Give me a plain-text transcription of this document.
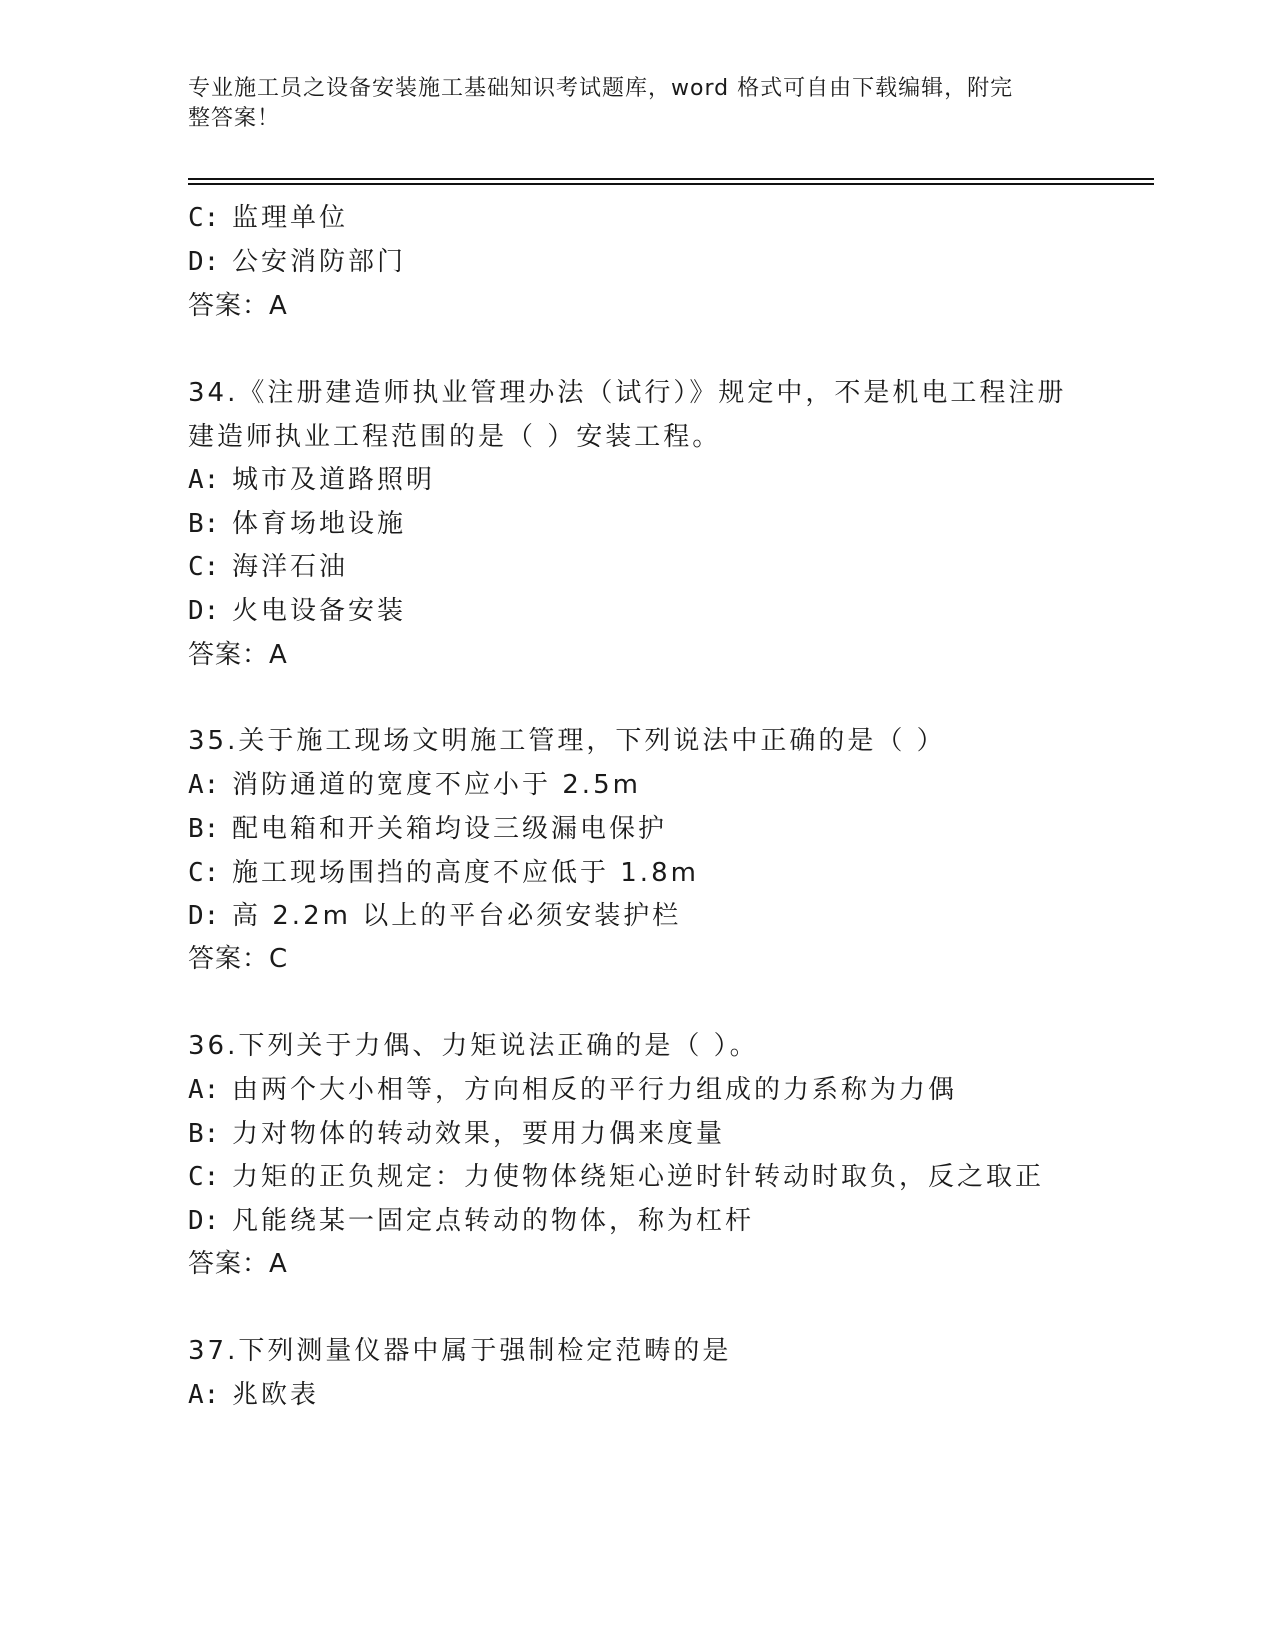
专业施工员之设备安装施工基础知识考试题库，word 格式可自由下载编辑，附完
整答案！
C: 监理单位
D: 公安消防部门
答案：A
34.《注册建造师执业管理办法（试行）》规定中，不是机电工程注册
建造师执业工程范围的是（ ）安装工程。
A: 城市及道路照明
B: 体育场地设施
C: 海洋石油
D: 火电设备安装
答案：A
35.关于施工现场文明施工管理，下列说法中正确的是（ ）
A: 消防通道的宽度不应小于 2.5m
B: 配电箱和开关箱均设三级漏电保护
C: 施工现场围挡的高度不应低于 1.8m
D: 高 2.2m 以上的平台必须安装护栏
答案：C
36.下列关于力偶、力矩说法正确的是（ ）。
A: 由两个大小相等，方向相反的平行力组成的力系称为力偶
B: 力对物体的转动效果，要用力偶来度量
C: 力矩的正负规定：力使物体绕矩心逆时针转动时取负，反之取正
D: 凡能绕某一固定点转动的物体，称为杠杆
答案：A
37.下列测量仪器中属于强制检定范畴的是
A: 兆欧表
